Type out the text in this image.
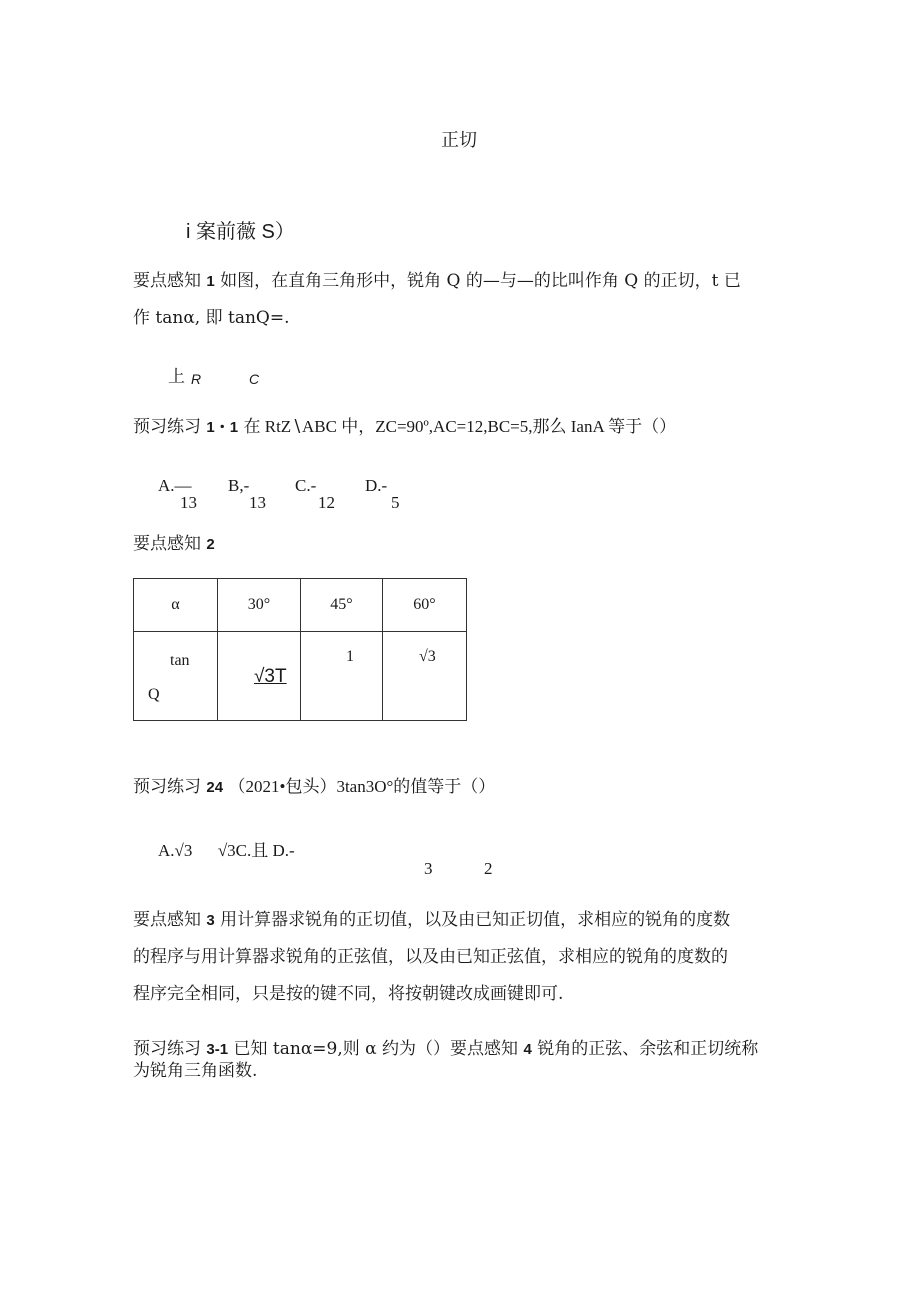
正切
i 案前薇 S）
要点感知 1 如图，在直角三角形中，锐角 Q 的—与—的比叫作角 Q 的正切，t 已
作 tanα, 即 tanQ=.
上 R	C
预习练习 1・1 在 RtZ∖ABC 中，ZC=90º,AC=12,BC=5,那么 IanA 等于（）
A.—
13
B,-
13
C.-
12
D.-
5
要点感知 2
α	30°	45°	60°

tan
Q	√3T	1	√3
预习练习 24 （2021•包头）3tan3O°的值等于（）
A.√3      √3C.且 D.-
3	2
要点感知 3 用计算器求锐角的正切值，以及由已知正切值，求相应的锐角的度数
的程序与用计算器求锐角的正弦值，以及由已知正弦值，求相应的锐角的度数的
程序完全相同，只是按的键不同，将按朝键改成画键即可.
预习练习 3-1 已知 tanα=9,则 α 约为（）要点感知 4 锐角的正弦、余弦和正切统称
为锐角三角函数.
